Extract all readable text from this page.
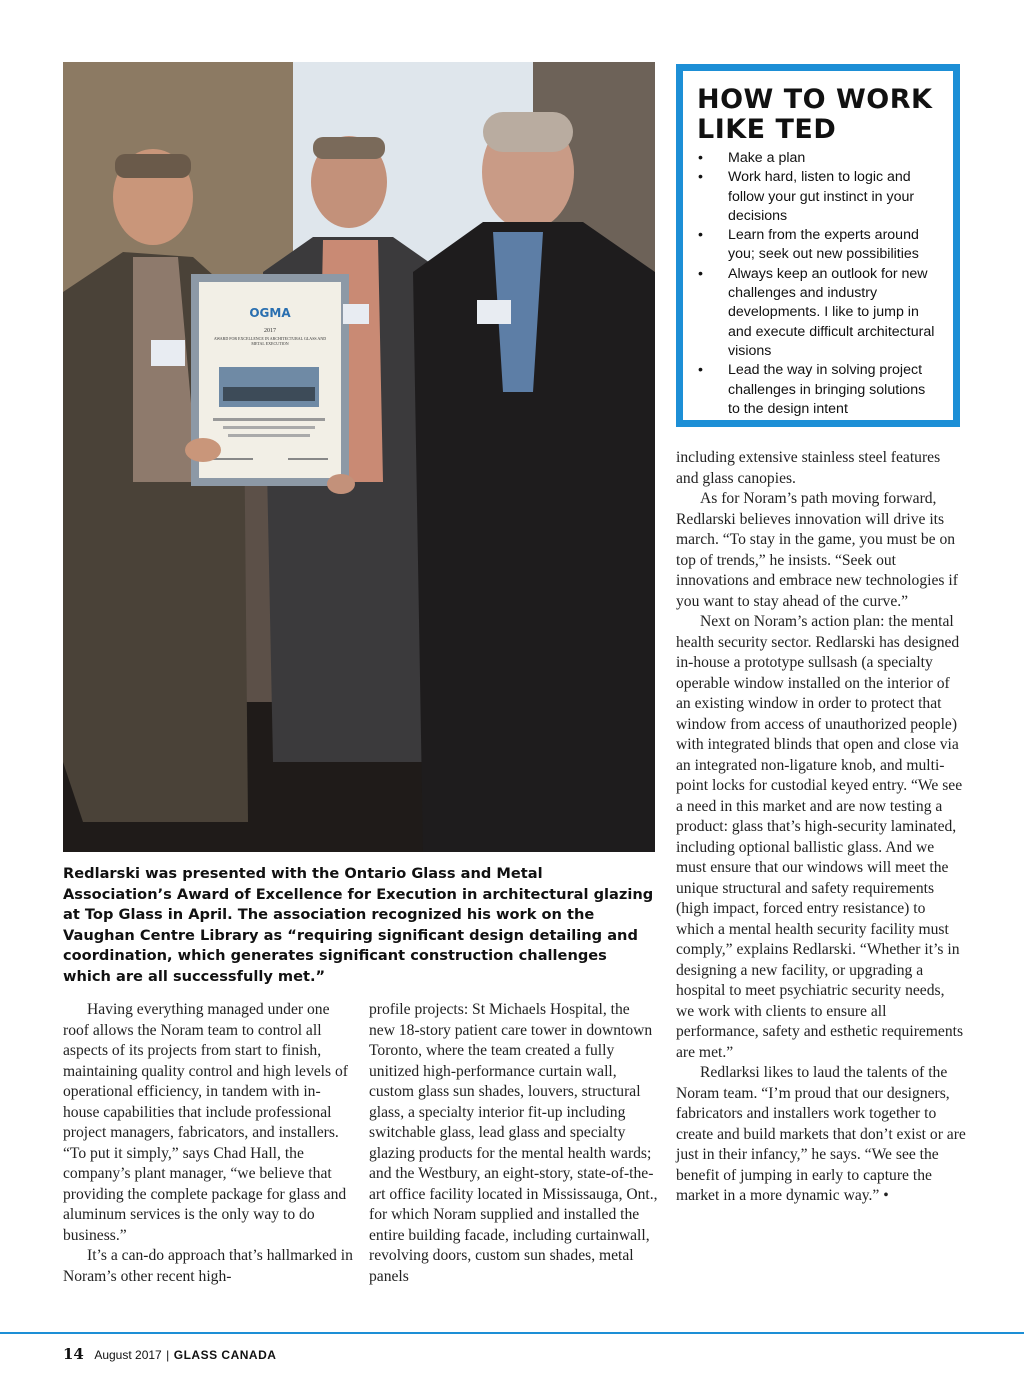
OGMA
2017
AWARD FOR EXCELLENCE IN ARCHITECTURAL GLASS AND METAL EXECUTION
HOW TO WORK
LIKE TED
• Make a plan
• Work hard, listen to logic and follow your gut instinct in your decisions
• Learn from the experts around you; seek out new possibilities
• Always keep an outlook for new challenges and industry developments. I like to jump in and execute difficult architectural visions
• Lead the way in solving project challenges in bringing solutions to the design intent

Redlarski was presented with the Ontario Glass and Metal Association’s Award of Excellence for Execution in architectural glazing at Top Glass in April. The association recognized his work on the Vaughan Centre Library as “requiring significant design detailing and coordination, which generates significant construction challenges which are all successfully met.”

Having everything managed under one roof allows the Noram team to control all aspects of its projects from start to finish, maintaining quality control and high levels of operational efficiency, in tandem with in-house capabilities that include professional project managers, fabricators, and installers. “To put it simply,” says Chad Hall, the company’s plant manager, “we believe that providing the complete package for glass and aluminum services is the only way to do business.”

It’s a can-do approach that’s hallmarked in Noram’s other recent high-

profile projects: St Michaels Hospital, the new 18-story patient care tower in downtown Toronto, where the team created a fully unitized high-performance curtain wall, custom glass sun shades, louvers, structural glass, a specialty interior fit-up including switchable glass, lead glass and specialty glazing products for the mental health wards; and the Westbury, an eight-story, state-of-the-art office facility located in Mississauga, Ont., for which Noram supplied and installed the entire building facade, including curtainwall, revolving doors, custom sun shades, metal panels

including extensive stainless steel features and glass canopies.

As for Noram’s path moving forward, Redlarski believes innovation will drive its march. “To stay in the game, you must be on top of trends,” he insists. “Seek out innovations and embrace new technologies if you want to stay ahead of the curve.”

Next on Noram’s action plan: the mental health security sector. Redlarski has designed in-house a prototype sullsash (a specialty operable window installed on the interior of an existing window in order to protect that window from access of unauthorized people) with integrated blinds that open and close via an integrated non-ligature knob, and multi-point locks for custodial keyed entry. “We see a need in this market and are now testing a product: glass that’s high-security laminated, including optional ballistic glass. And we must ensure that our windows will meet the unique structural and safety requirements (high impact, forced entry resistance) to which a mental health security facility must comply,” explains Redlarski. “Whether it’s in designing a new facility, or upgrading a hospital to meet psychiatric security needs, we work with clients to ensure all performance, safety and esthetic requirements are met.”

Redlarksi likes to laud the talents of the Noram team. “I’m proud that our designers, fabricators and installers work together to create and build markets that don’t exist or are just in their infancy,” he says. “We see the benefit of jumping in early to capture the market in a more dynamic way.” •

14 August 2017 | GLASS CANADA
